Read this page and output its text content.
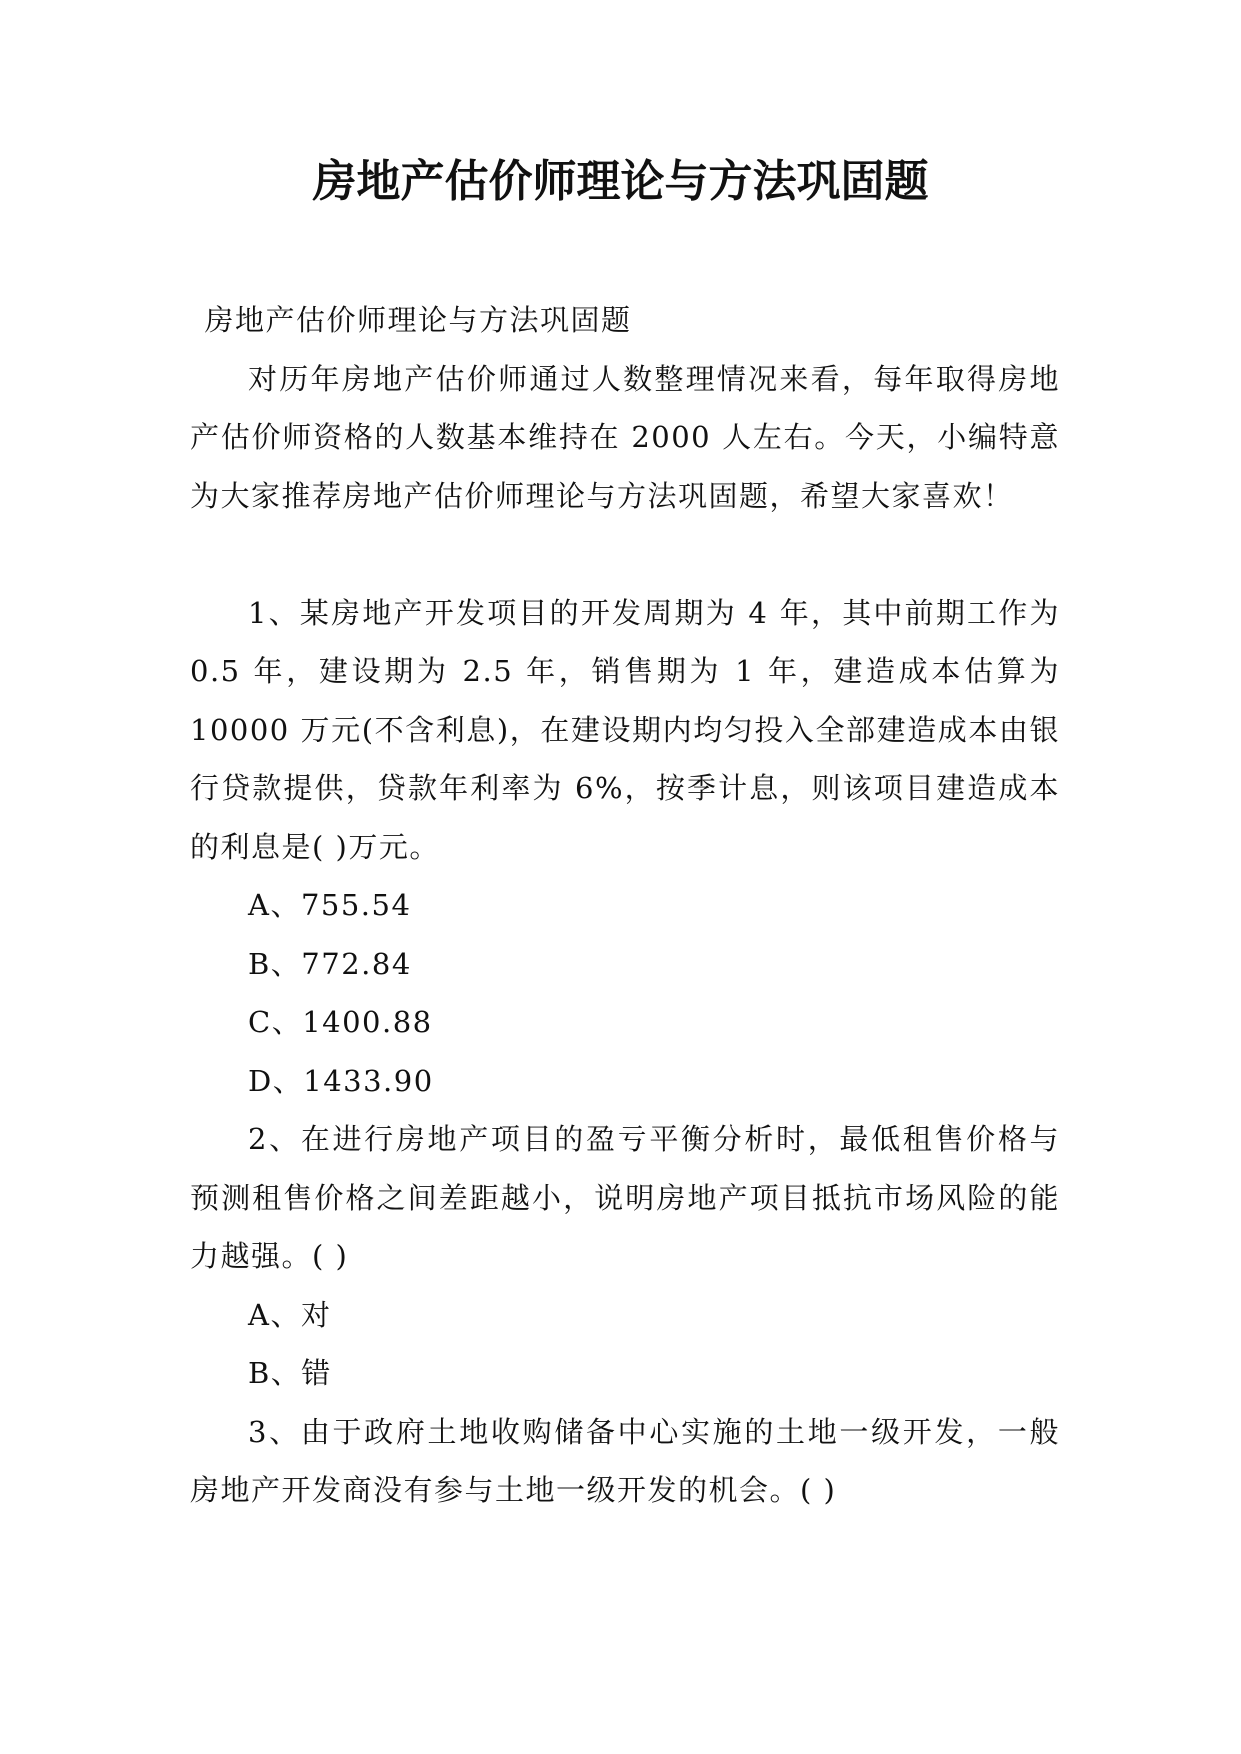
房地产估价师理论与方法巩固题

房地产估价师理论与方法巩固题

对历年房地产估价师通过人数整理情况来看，每年取得房地产估价师资格的人数基本维持在 2000 人左右。今天，小编特意为大家推荐房地产估价师理论与方法巩固题，希望大家喜欢！

1、某房地产开发项目的开发周期为 4 年，其中前期工作为 0.5 年，建设期为 2.5 年，销售期为 1 年，建造成本估算为 10000 万元(不含利息)，在建设期内均匀投入全部建造成本由银行贷款提供，贷款年利率为 6%，按季计息，则该项目建造成本的利息是( )万元。

A、755.54

B、772.84

C、1400.88

D、1433.90

2、在进行房地产项目的盈亏平衡分析时，最低租售价格与预测租售价格之间差距越小，说明房地产项目抵抗市场风险的能力越强。( )

A、对

B、错

3、由于政府土地收购储备中心实施的土地一级开发，一般房地产开发商没有参与土地一级开发的机会。( )
